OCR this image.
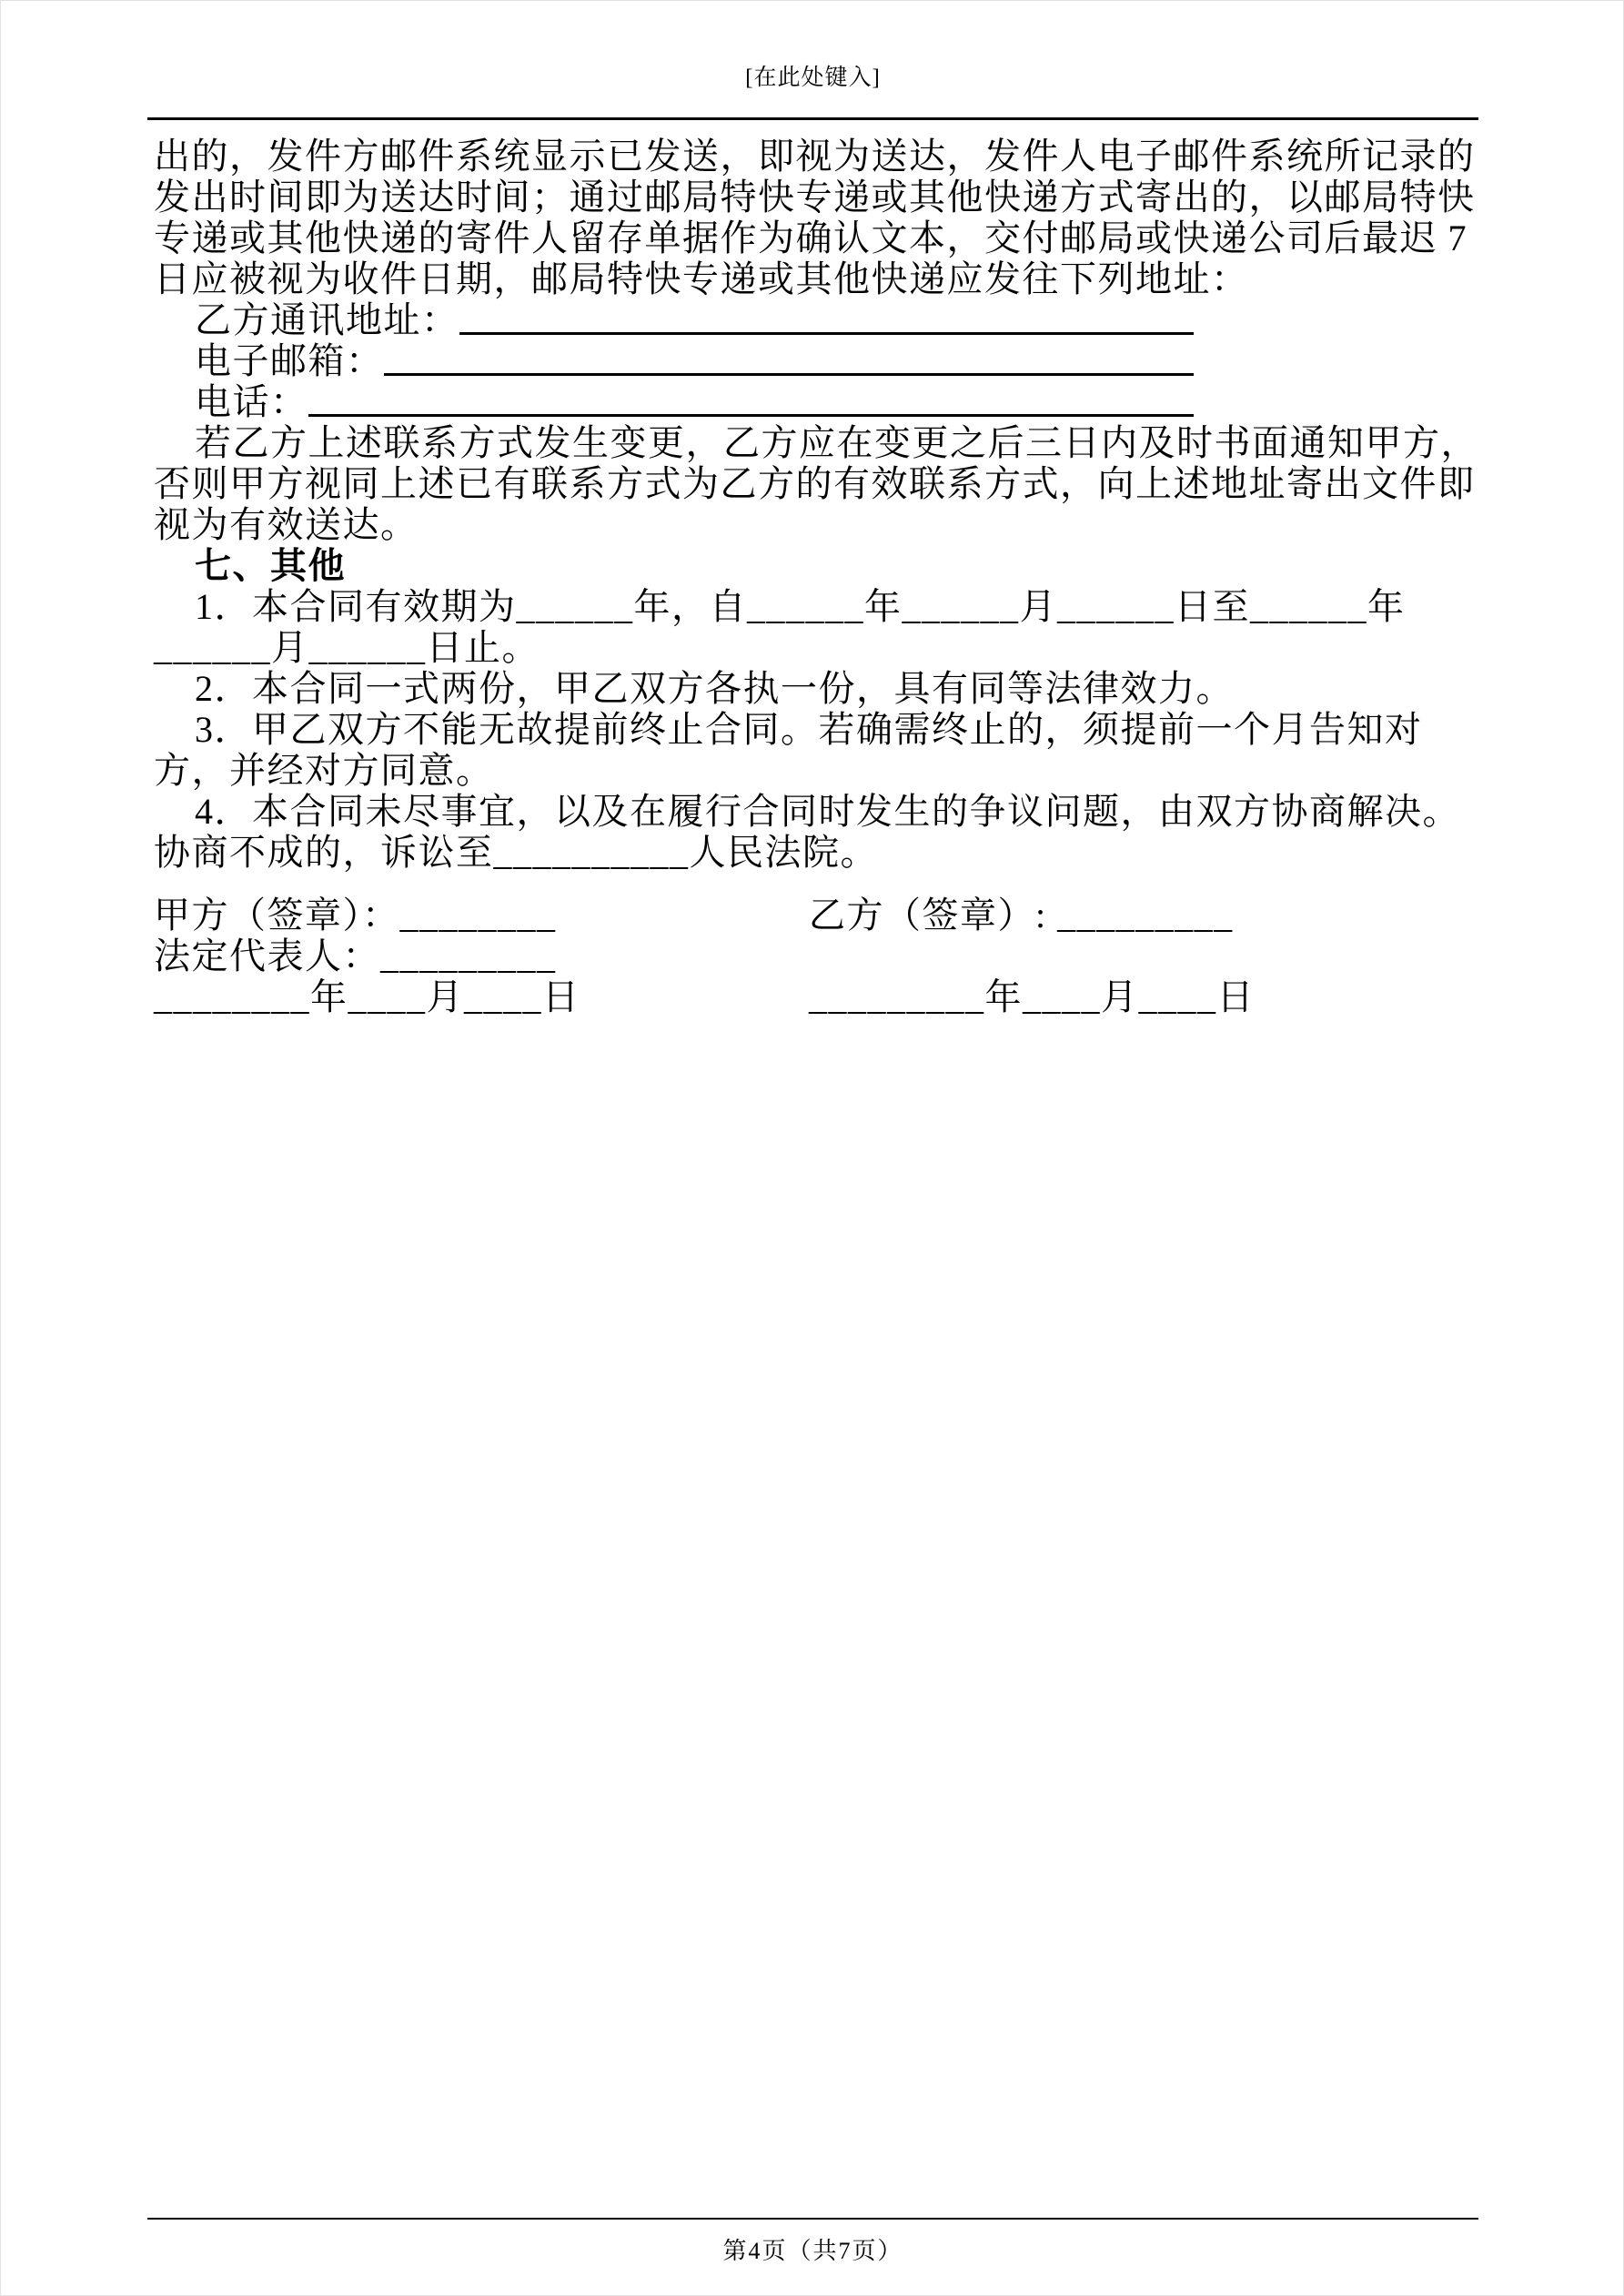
[在此处键入]
出的，发件方邮件系统显示已发送，即视为送达，发件人电子邮件系统所记录的
发出时间即为送达时间；通过邮局特快专递或其他快递方式寄出的，以邮局特快
专递或其他快递的寄件人留存单据作为确认文本，交付邮局或快递公司后最迟 7
日应被视为收件日期，邮局特快专递或其他快递应发往下列地址：
乙方通讯地址：
电子邮箱：
电话：
若乙方上述联系方式发生变更，乙方应在变更之后三日内及时书面通知甲方，
否则甲方视同上述已有联系方式为乙方的有效联系方式，向上述地址寄出文件即
视为有效送达。
七、其他
1．本合同有效期为______年，自______年______月______日至______年
______月______日止。
2．本合同一式两份，甲乙双方各执一份，具有同等法律效力。
3．甲乙双方不能无故提前终止合同。若确需终止的，须提前一个月告知对
方，并经对方同意。
4．本合同未尽事宜，以及在履行合同时发生的争议问题，由双方协商解决。
协商不成的，诉讼至__________人民法院。
甲方（签章）：________	乙方（签章）: _________
法定代表人：_________
________年____月____日	_________年____月____日
第4页（共7页）
